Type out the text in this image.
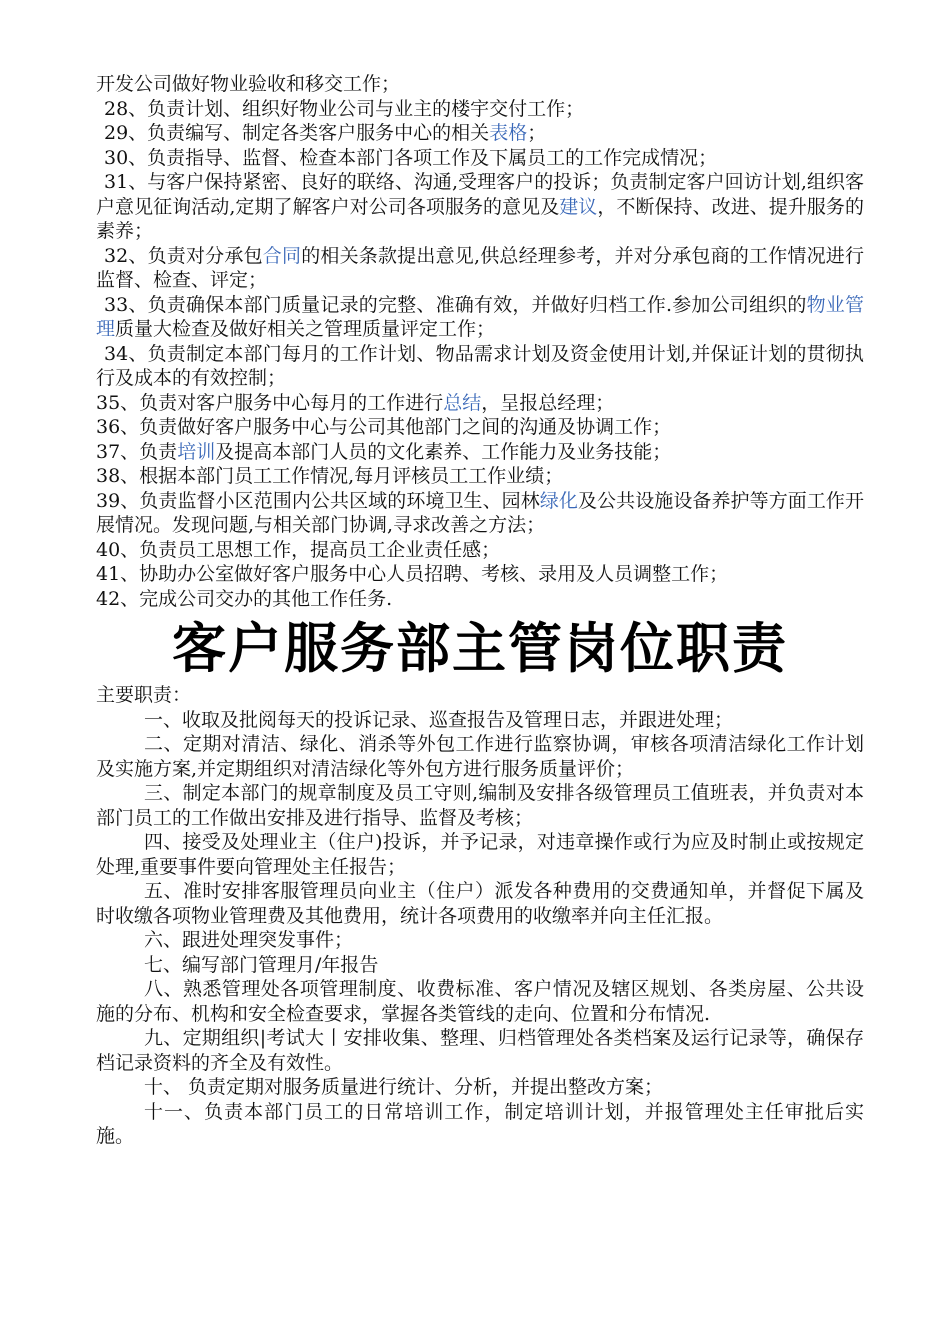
开发公司做好物业验收和移交工作；

28、负责计划、组织好物业公司与业主的楼宇交付工作；

29、负责编写、制定各类客户服务中心的相关表格；

30、负责指导、监督、检查本部门各项工作及下属员工的工作完成情况；

31、与客户保持紧密、良好的联络、沟通,受理客户的投诉；负责制定客户回访计划,组织客户意见征询活动,定期了解客户对公司各项服务的意见及建议，不断保持、改进、提升服务的素养；

32、负责对分承包合同的相关条款提出意见,供总经理参考，并对分承包商的工作情况进行监督、检查、评定；

33、负责确保本部门质量记录的完整、准确有效，并做好归档工作.参加公司组织的物业管理质量大检查及做好相关之管理质量评定工作；

34、负责制定本部门每月的工作计划、物品需求计划及资金使用计划,并保证计划的贯彻执行及成本的有效控制；

35、负责对客户服务中心每月的工作进行总结，呈报总经理；

36、负责做好客户服务中心与公司其他部门之间的沟通及协调工作；

37、负责培训及提高本部门人员的文化素养、工作能力及业务技能；

38、根据本部门员工工作情况,每月评核员工工作业绩；

39、负责监督小区范围内公共区域的环境卫生、园林绿化及公共设施设备养护等方面工作开展情况。发现问题,与相关部门协调,寻求改善之方法；

40、负责员工思想工作，提高员工企业责任感；

41、协助办公室做好客户服务中心人员招聘、考核、录用及人员调整工作；

42、完成公司交办的其他工作任务.

客户服务部主管岗位职责

主要职责：

一、收取及批阅每天的投诉记录、巡查报告及管理日志，并跟进处理；

二、定期对清洁、绿化、消杀等外包工作进行监察协调，审核各项清洁绿化工作计划及实施方案,并定期组织对清洁绿化等外包方进行服务质量评价；

三、制定本部门的规章制度及员工守则,编制及安排各级管理员工值班表，并负责对本部门员工的工作做出安排及进行指导、监督及考核；

四、接受及处理业主（住户)投诉，并予记录，对违章操作或行为应及时制止或按规定处理,重要事件要向管理处主任报告；

五、准时安排客服管理员向业主（住户）派发各种费用的交费通知单，并督促下属及时收缴各项物业管理费及其他费用，统计各项费用的收缴率并向主任汇报。

六、跟进处理突发事件；

七、编写部门管理月/年报告

八、熟悉管理处各项管理制度、收费标准、客户情况及辖区规划、各类房屋、公共设施的分布、机构和安全检查要求，掌握各类管线的走向、位置和分布情况.

九、定期组织|考试大丨安排收集、整理、归档管理处各类档案及运行记录等，确保存档记录资料的齐全及有效性。

十、 负责定期对服务质量进行统计、分析，并提出整改方案；

十一、负责本部门员工的日常培训工作，制定培训计划，并报管理处主任审批后实施。
